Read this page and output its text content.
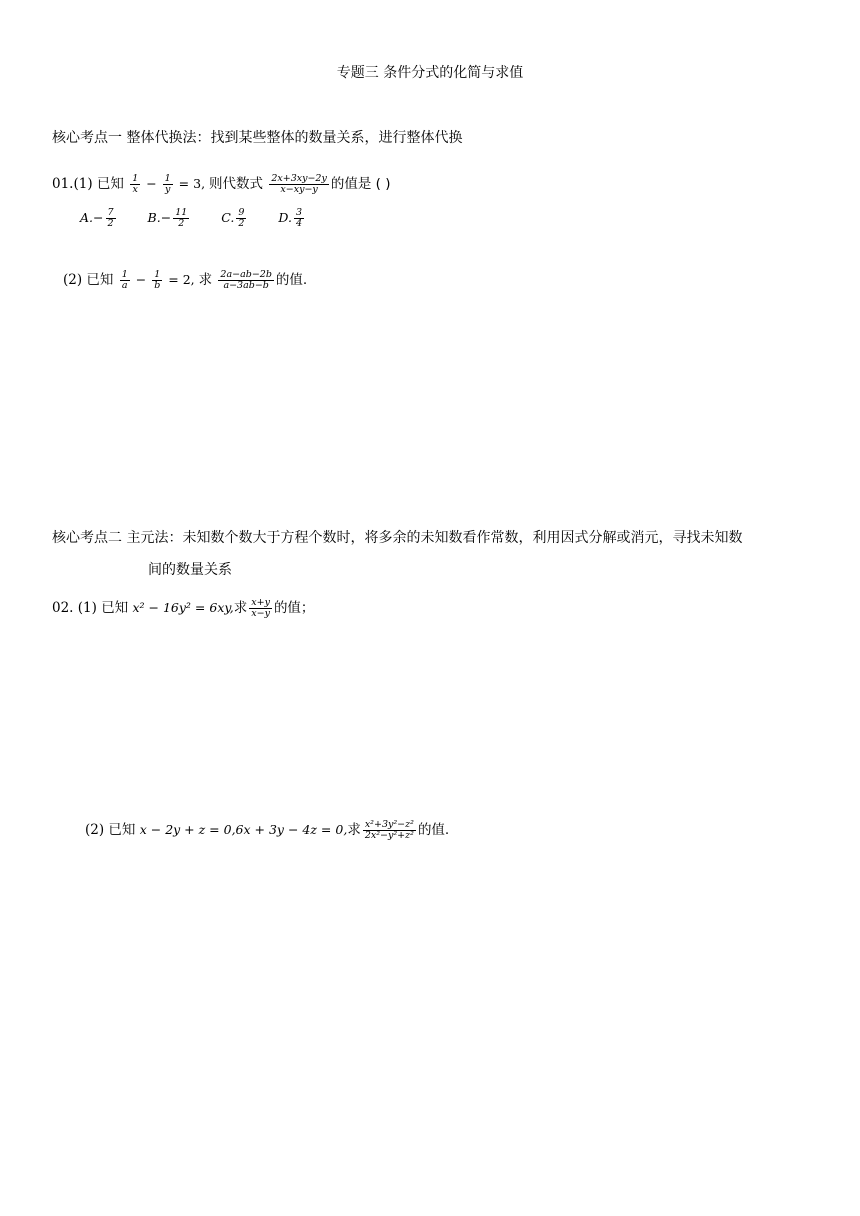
专题三 条件分式的化简与求值
核心考点一 整体代换法：找到某些整体的数量关系，进行整体代换
01.(1) 已知 $\frac{1}{x} - \frac{1}{y} = 3$, 则代数式 $\frac{2x+3xy-2y}{x-xy-y}$ 的值是 ( )
$A.- \frac{7}{2}$	$B.- \frac{11}{2}$	C. $\frac{9}{2}$	D. $\frac{3}{4}$
(2) 已知 $\frac{1}{a} - \frac{1}{b} = 2$, 求 $\frac{2a-ab-2b}{a-3ab-b}$ 的值.
核心考点二 主元法：未知数个数大于方程个数时，将多余的未知数看作常数，利用因式分解或消元，寻找未知数
间的数量关系
02. (1) 已知 x² − 16y² = 6xy,求 $\frac{x+y}{x-y}$ 的值；
(2) 已知 x − 2y + z = 0,6x + 3y − 4z = 0,求 $\frac{\text{x²+3y²−z²}}{\text{2x²−y²+z²}}$ 的值.
